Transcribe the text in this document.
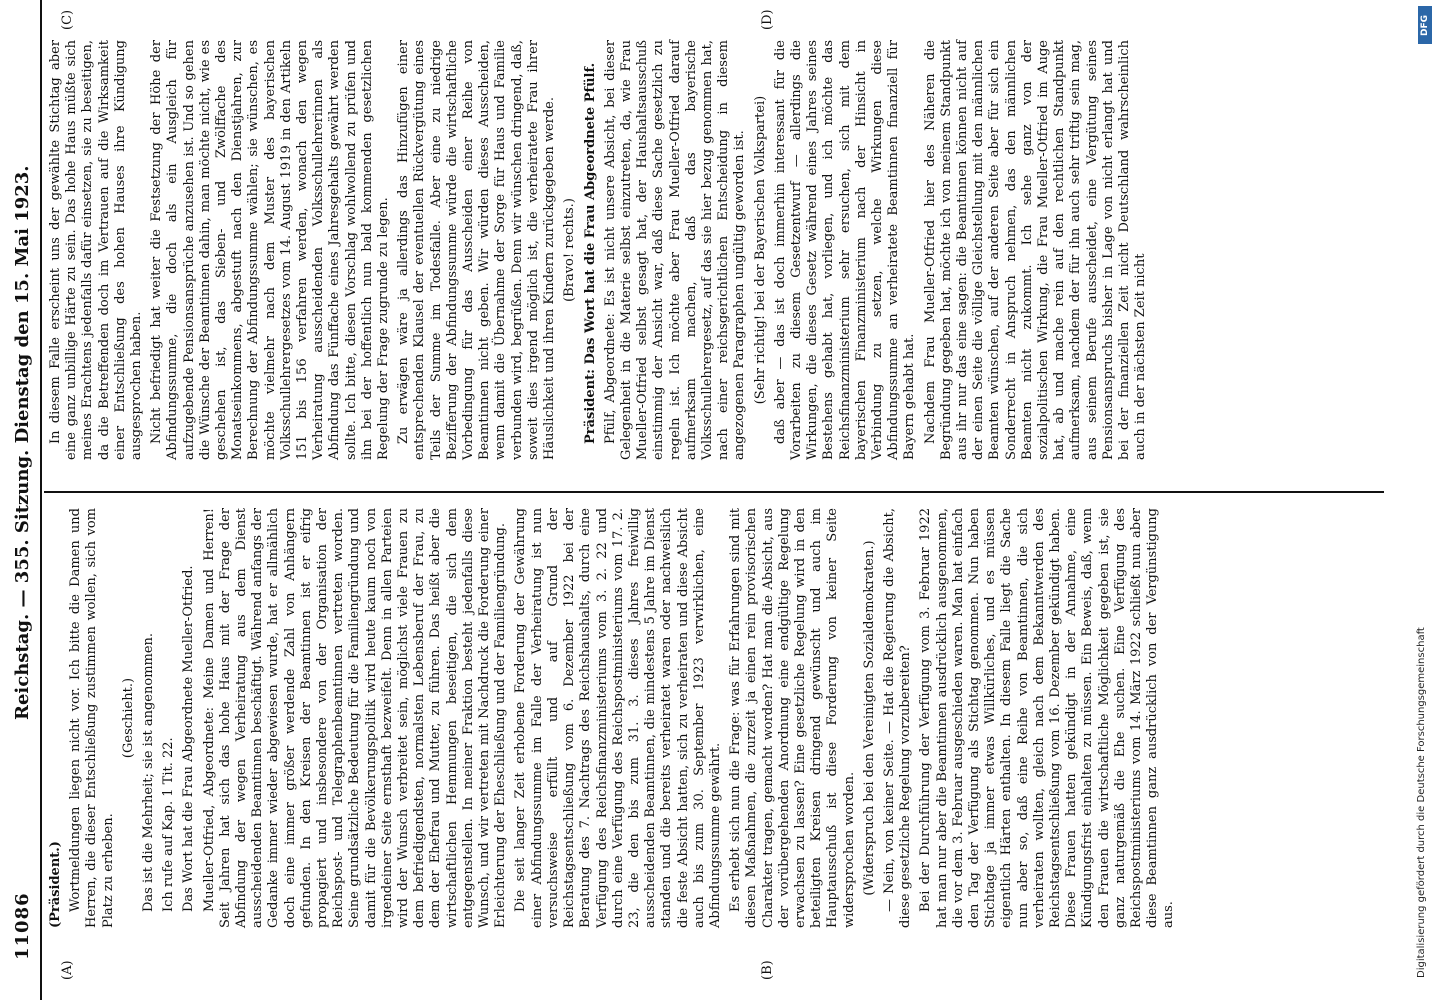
11086
Reichstag. — 355. Sitzung. Dienstag den 15. Mai 1923.
(A)	(B)
(C)	(D)

(Präsident.) Wortmeldungen liegen nicht vor. Ich bitte die Damen und Herren, die dieser Entschließung zustimmen wollen, sich vom Platz zu erheben.

(Geschieht.) Das ist die Mehrheit; sie ist angenommen. Ich rufe auf Kap. 1 Tit. 22. Das Wort hat die Frau Abgeordnete Mueller-Otfried. Mueller-Otfried, Abgeordnete: Meine Damen und Herren! Seit Jahren hat sich das hohe Haus mit der Frage der Abfindung der wegen Verheiratung aus dem Dienst ausscheidenden Beamtinnen beschäftigt. Während anfangs der Gedanke immer wieder abgewiesen wurde, hat er allmählich doch eine immer größer werdende Zahl von Anhängern gefunden. In den Kreisen der Beamtinnen ist er eifrig propagiert und insbesondere von der Organisation der Reichspost- und Telegraphenbeamtinnen vertreten worden. Seine grundsätzliche Bedeutung für die Familiengründung und damit für die Bevölkerungspolitik wird heute kaum noch von irgendeiner Seite ernsthaft bezweifelt. Denn in allen Parteien wird der Wunsch verbreitet sein, möglichst viele Frauen zu dem befriedigendsten, normalsten Lebensberuf der Frau, zu dem der Ehefrau und Mutter, zu führen. Das heißt aber die wirtschaftlichen Hemmungen beseitigen, die sich dem entgegenstellen. In meiner Fraktion besteht jedenfalls diese Wunsch, und wir vertreten mit Nachdruck die Forderung einer Erleichterung der Eheschließung und der Familiengründung. Die seit langer Zeit erhobene Forderung der Gewährung einer Abfindungssumme im Falle der Verheiratung ist nun versuchsweise erfüllt und auf Grund der Reichstagsentschließung vom 6. Dezember 1922 bei der Beratung des 7. Nachtrags des Reichshaushalts, durch eine Verfügung des Reichsfinanzministeriums vom 3. 2. 22 und durch eine Verfügung des Reichspostministeriums vom 17. 2. 23, die den bis zum 31. 3. dieses Jahres freiwillig ausscheidenden Beamtinnen, die mindestens 5 Jahre im Dienst standen und die bereits verheiratet waren oder nachweislich die feste Absicht hatten, sich zu verheiraten und diese Absicht auch bis zum 30. September 1923 verwirklichen, eine Abfindungssumme gewährt. Es erhebt sich nun die Frage: was für Erfahrungen sind mit diesen Maßnahmen, die zurzeit ja einen rein provisorischen Charakter tragen, gemacht worden? Hat man die Absicht, aus der vorübergehenden Anordnung eine endgültige Regelung erwachsen zu lassen? Eine gesetzliche Regelung wird in den beteiligten Kreisen dringend gewünscht und auch im Hauptausschuß ist diese Forderung von keiner Seite widersprochen worden. (Widerspruch bei den Vereinigten Sozialdemokraten.) — Nein, von keiner Seite. — Hat die Regierung die Absicht, diese gesetzliche Regelung vorzubereiten? Bei der Durchführung der Verfügung vom 3. Februar 1922 hat man nur aber die Beamtinnen ausdrücklich ausgenommen, die vor dem 3. Februar ausgeschieden waren. Man hat einfach den Tag der Verfügung als Stichtag genommen. Nun haben Stichtage ja immer etwas Willkürliches, und es müssen eigentlich Härten enthalten. In diesem Falle liegt die Sache nun aber so, daß eine Reihe von Beamtinnen, die sich verheiraten wollten, gleich nach dem Bekanntwerden des Reichstagsentschließung vom 16. Dezember gekündigt haben. Diese Frauen hatten gekündigt in der Annahme, eine Kündigungsfrist einhalten zu müssen. Ein Beweis, daß, wenn den Frauen die wirtschaftliche Möglichkeit gegeben ist, sie ganz naturgemäß die Ehe suchen. Eine Verfügung des Reichspostministeriums vom 14. März 1922 schließt nun aber diese Beamtinnen ganz ausdrücklich von der Vergünstigung aus.

In diesem Falle erscheint uns der gewählte Stichtag aber eine ganz unbillige Härte zu sein. Das hohe Haus müßte sich meines Erachtens jedenfalls dafür einsetzen, sie zu beseitigen, da die Betreffenden doch im Vertrauen auf die Wirksamkeit einer Entschließung des hohen Hauses ihre Kündigung ausgesprochen haben. Nicht befriedigt hat weiter die Festsetzung der Höhe der Abfindungssumme, die doch als ein Ausgleich für aufzugebende Pensionsansprüche anzusehen ist. Und so gehen die Wünsche der Beamtinnen dahin, man möchte nicht, wie es geschehen ist, das Sieben- und Zwölffache des Monatseinkommens, abgestuft nach den Dienstjahren, zur Berechnung der Abfindungssumme wählen; sie wünschen, es möchte vielmehr nach dem Muster des bayerischen Volksschullehrergesetzes vom 14. August 1919 in den Artikeln 151 bis 156 verfahren werden, wonach den wegen Verheiratung ausscheidenden Volksschullehrerinnen als Abfindung das Fünffache eines Jahresgehalts gewährt werden sollte. Ich bitte, diesen Vorschlag wohlwollend zu prüfen und ihn bei der hoffentlich nun bald kommenden gesetzlichen Regelung der Frage zugrunde zu legen. Zu erwägen wäre ja allerdings das Hinzufügen einer entsprechenden Klausel der eventuellen Rückvergütung eines Teils der Summe im Todesfalle. Aber eine zu niedrige Bezifferung der Abfindungssumme würde die wirtschaftliche Vorbedingung für das Ausscheiden einer Reihe von Beamtinnen nicht geben. Wir würden dieses Ausscheiden, wenn damit die Übernahme der Sorge für Haus und Familie verbunden wird, begrüßen. Denn wir wünschen dringend, daß, soweit dies irgend möglich ist, die verheiratete Frau ihrer Häuslichkeit und ihren Kindern zurückgegeben werde. (Bravo! rechts.) Präsident: Das Wort hat die Frau Abgeordnete Pfülf. Pfülf, Abgeordnete: Es ist nicht unsere Absicht, bei dieser Gelegenheit in die Materie selbst einzutreten, da, wie Frau Mueller-Otfried selbst gesagt hat, der Haushaltsausschuß einstimmig der Ansicht war, daß diese Sache gesetzlich zu regeln ist. Ich möchte aber Frau Mueller-Otfried darauf aufmerksam machen, daß das bayerische Volksschullehrergesetz, auf das sie hier bezug genommen hat, nach einer reichsgerichtlichen Entscheidung in diesem angezogenen Paragraphen ungültig geworden ist. (Sehr richtig! bei der Bayerischen Volkspartei) daß aber — das ist doch immerhin interessant für die Vorarbeiten zu diesem Gesetzentwurf — allerdings die Wirkungen, die dieses Gesetz während eines Jahres seines Bestehens gehabt hat, vorliegen, und ich möchte das Reichsfinanzministerium sehr ersuchen, sich mit dem bayerischen Finanzministerium nach der Hinsicht in Verbindung zu setzen, welche Wirkungen diese Abfindungssumme an verheiratete Beamtinnen finanziell für Bayern gehabt hat. Nachdem Frau Mueller-Otfried hier des Näheren die Begründung gegeben hat, möchte ich von meinem Standpunkt aus ihr nur das eine sagen: die Beamtinnen können nicht auf der einen Seite die völlige Gleichstellung mit den männlichen Beamten wünschen, auf der anderen Seite aber für sich ein Sonderrecht in Anspruch nehmen, das den männlichen Beamten nicht zukommt. Ich sehe ganz von der sozialpolitischen Wirkung, die Frau Mueller-Otfried im Auge hat, ab und mache rein auf den rechtlichen Standpunkt aufmerksam, nachdem der für ihn auch sehr triftig sein mag, aus seinem Berufe ausscheidet, eine Vergütung seines Pensionsanspruchs bisher in Lage von nicht erlangt hat und bei der finanziellen Zeit nicht Deutschland wahrscheinlich auch in der nächsten Zeit nicht

DFG
Digitalisierung gefördert durch die Deutsche Forschungsgemeinschaft
